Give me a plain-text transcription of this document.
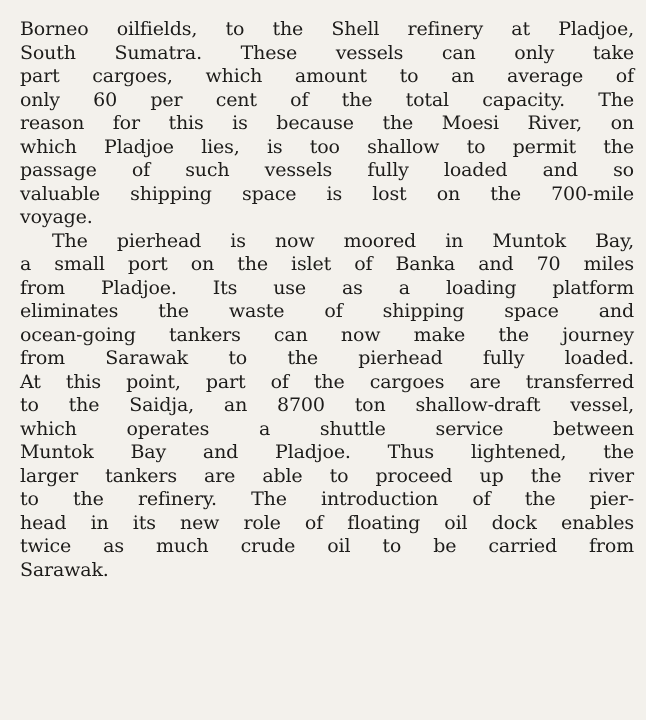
Borneo oilfields, to the Shell refinery at Pladjoe,
South Sumatra. These vessels can only take
part cargoes, which amount to an average of
only 60 per cent of the total capacity. The
reason for this is because the Moesi River, on
which Pladjoe lies, is too shallow to permit the
passage of such vessels fully loaded and so
valuable shipping space is lost on the 700-mile
voyage.
The pierhead is now moored in Muntok Bay,
a small port on the islet of Banka and 70 miles
from Pladjoe. Its use as a loading platform
eliminates the waste of shipping space and
ocean-going tankers can now make the journey
from Sarawak to the pierhead fully loaded.
At this point, part of the cargoes are transferred
to the Saidja, an 8700 ton shallow-draft vessel,
which operates a shuttle service between
Muntok Bay and Pladjoe. Thus lightened, the
larger tankers are able to proceed up the river
to the refinery. The introduction of the pier-
head in its new role of floating oil dock enables
twice as much crude oil to be carried from
Sarawak.
